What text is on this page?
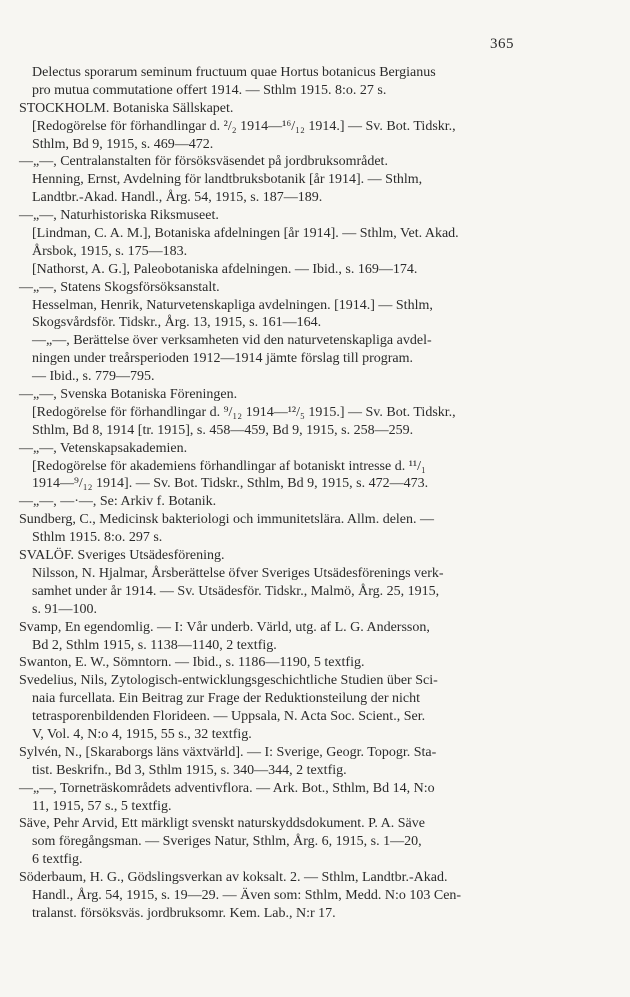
365
Delectus sporarum seminum fructuum quae Hortus botanicus Bergianus
pro mutua commutatione offert 1914. — Sthlm 1915. 8:o. 27 s.
STOCKHOLM. Botaniska Sällskapet.
[Redogörelse för förhandlingar d. ²/₂ 1914—¹⁶/₁₂ 1914.] — Sv. Bot. Tidskr.,
Sthlm, Bd 9, 1915, s. 469—472.
—„—, Centralanstalten för försöksväsendet på jordbruksområdet.
Henning, Ernst, Avdelning för landtbruksbotanik [år 1914]. — Sthlm,
Landtbr.-Akad. Handl., Årg. 54, 1915, s. 187—189.
—„—, Naturhistoriska Riksmuseet.
[Lindman, C. A. M.], Botaniska afdelningen [år 1914]. — Sthlm, Vet. Akad.
Årsbok, 1915, s. 175—183.
[Nathorst, A. G.], Paleobotaniska afdelningen. — Ibid., s. 169—174.
—„—, Statens Skogsförsöksanstalt.
Hesselman, Henrik, Naturvetenskapliga avdelningen. [1914.] — Sthlm,
Skogsvårdsför. Tidskr., Årg. 13, 1915, s. 161—164.
—„—, Berättelse över verksamheten vid den naturvetenskapliga avdel-
ningen under treårsperioden 1912—1914 jämte förslag till program.
— Ibid., s. 779—795.
—„—, Svenska Botaniska Föreningen.
[Redogörelse för förhandlingar d. ⁹/₁₂ 1914—¹²/₅ 1915.] — Sv. Bot. Tidskr.,
Sthlm, Bd 8, 1914 [tr. 1915], s. 458—459, Bd 9, 1915, s. 258—259.
—„—, Vetenskapsakademien.
[Redogörelse för akademiens förhandlingar af botaniskt intresse d. ¹¹/₁
1914—⁹/₁₂ 1914]. — Sv. Bot. Tidskr., Sthlm, Bd 9, 1915, s. 472—473.
—„—, —·—, Se: Arkiv f. Botanik.
Sundberg, C., Medicinsk bakteriologi och immunitetslära. Allm. delen. —
Sthlm 1915. 8:o. 297 s.
SVALÖF. Sveriges Utsädesförening.
Nilsson, N. Hjalmar, Årsberättelse öfver Sveriges Utsädesförenings verk-
samhet under år 1914. — Sv. Utsädesför. Tidskr., Malmö, Årg. 25, 1915,
s. 91—100.
Svamp, En egendomlig. — I: Vår underb. Värld, utg. af L. G. Andersson,
Bd 2, Sthlm 1915, s. 1138—1140, 2 textfig.
Swanton, E. W., Sömntorn. — Ibid., s. 1186—1190, 5 textfig.
Svedelius, Nils, Zytologisch-entwicklungsgeschichtliche Studien über Sci-
naia furcellata. Ein Beitrag zur Frage der Reduktionsteilung der nicht
tetrasporenbildenden Florideen. — Uppsala, N. Acta Soc. Scient., Ser.
V, Vol. 4, N:o 4, 1915, 55 s., 32 textfig.
Sylvén, N., [Skaraborgs läns växtvärld]. — I: Sverige, Geogr. Topogr. Sta-
tist. Beskrifn., Bd 3, Sthlm 1915, s. 340—344, 2 textfig.
—„—, Torneträskområdets adventivflora. — Ark. Bot., Sthlm, Bd 14, N:o
11, 1915, 57 s., 5 textfig.
Säve, Pehr Arvid, Ett märkligt svenskt naturskyddsdokument. P. A. Säve
som föregångsman. — Sveriges Natur, Sthlm, Årg. 6, 1915, s. 1—20,
6 textfig.
Söderbaum, H. G., Gödslingsverkan av koksalt. 2. — Sthlm, Landtbr.-Akad.
Handl., Årg. 54, 1915, s. 19—29. — Även som: Sthlm, Medd. N:o 103 Cen-
tralanst. försöksväs. jordbruksomr. Kem. Lab., N:r 17.
